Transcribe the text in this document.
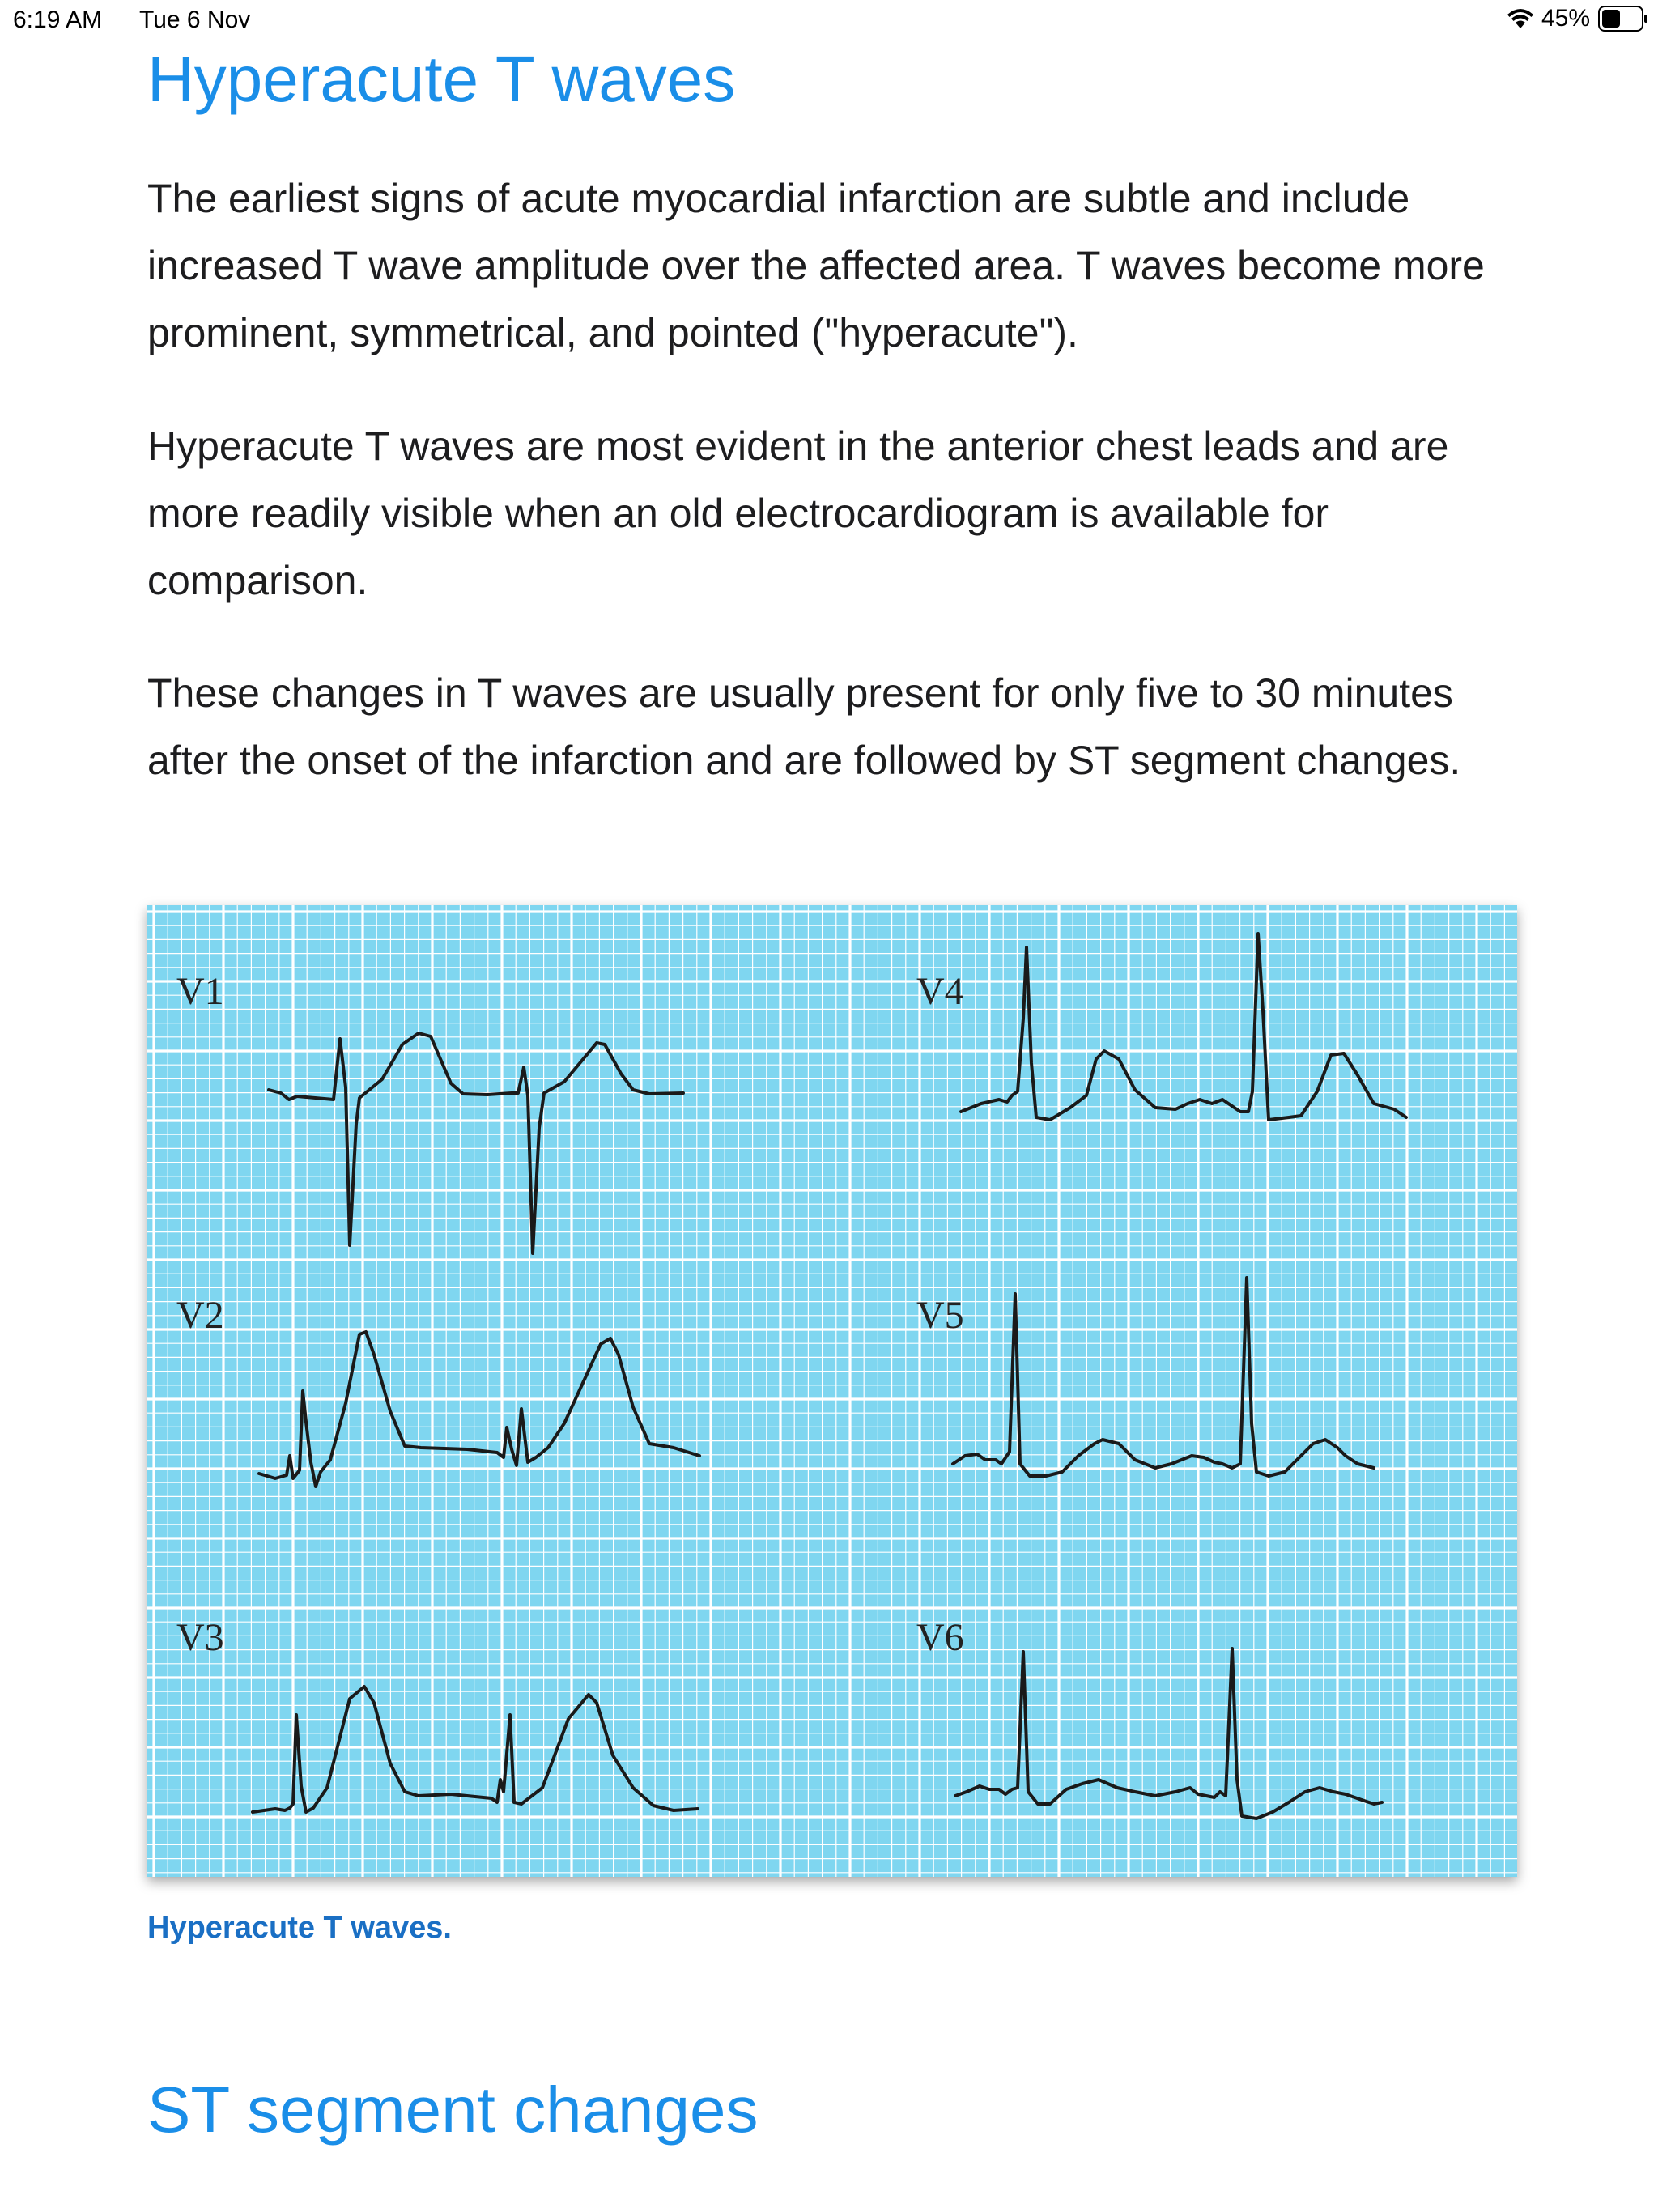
6:19 AM Tue 6 Nov	45%
Hyperacute T waves

The earliest signs of acute myocardial infarction are subtle and include increased T wave amplitude over the affected area. T waves become more prominent, symmetrical, and pointed ("hyperacute").

Hyperacute T waves are most evident in the anterior chest leads and are more readily visible when an old electrocardiogram is available for comparison.

These changes in T waves are usually present for only five to 30 minutes after the onset of the infarction and are followed by ST segment changes.

V1
V2
V3
V4
V5
V6
Hyperacute T waves.
ST segment changes
